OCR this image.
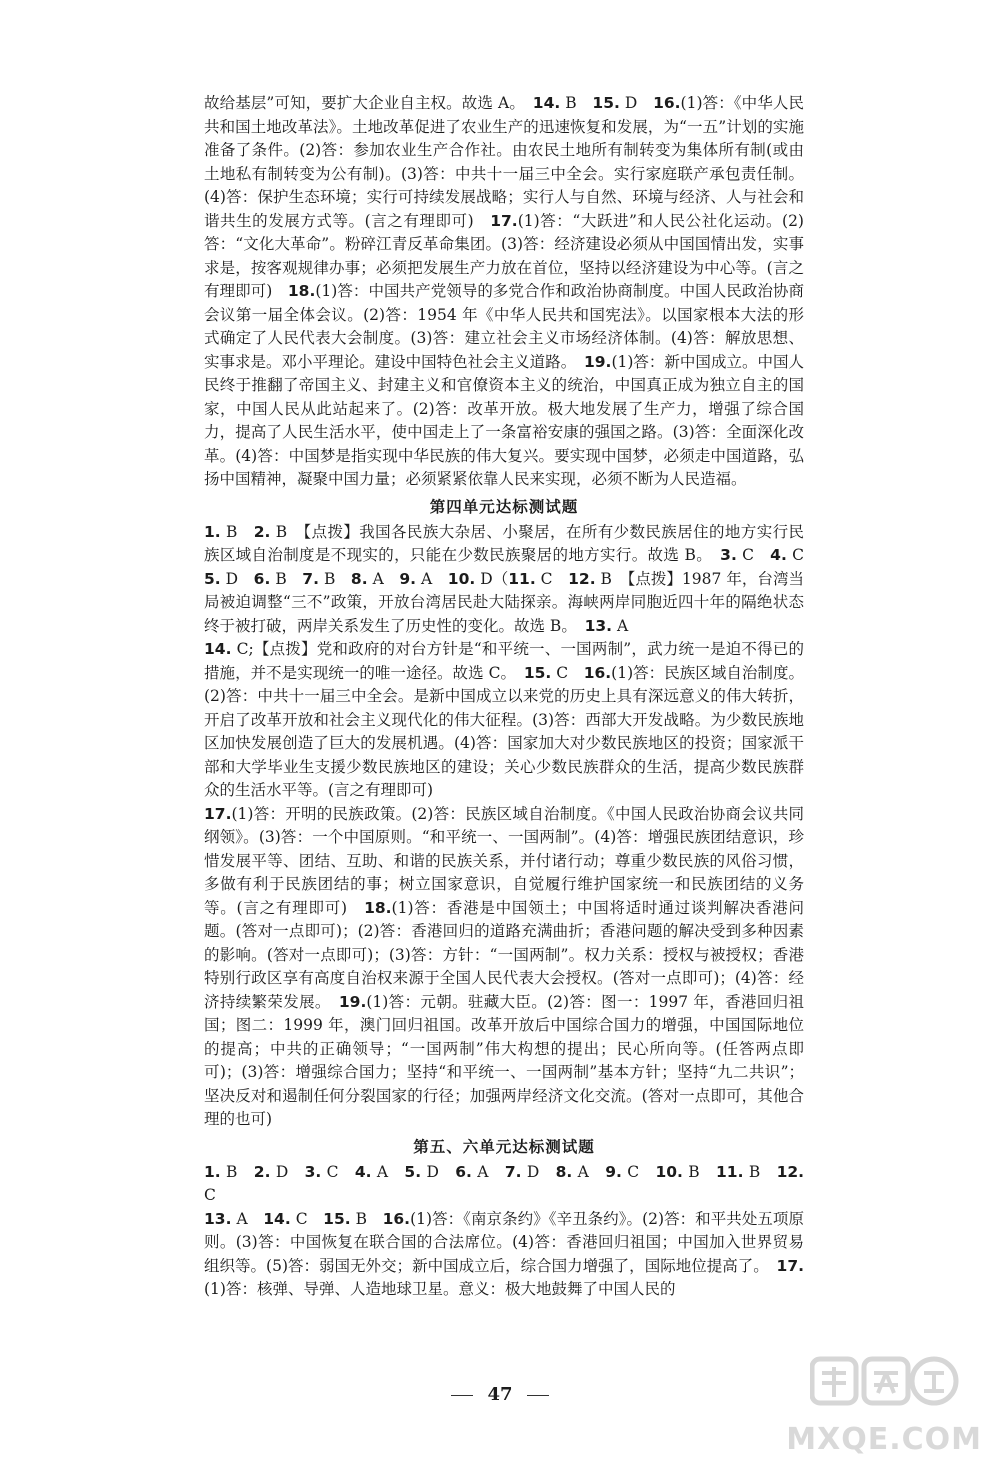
故给基层”可知，要扩大企业自主权。故选 A。　14. B　15. D　16.(1)答：《中华人民共和国土地改革法》。土地改革促进了农业生产的迅速恢复和发展，为“一五”计划的实施准备了条件。(2)答：参加农业生产合作社。由农民土地所有制转变为集体所有制(或由土地私有制转变为公有制)。(3)答：中共十一届三中全会。实行家庭联产承包责任制。(4)答：保护生态环境；实行可持续发展战略；实行人与自然、环境与经济、人与社会和谐共生的发展方式等。(言之有理即可)　17.(1)答：“大跃进”和人民公社化运动。(2)答：“文化大革命”。粉碎江青反革命集团。(3)答：经济建设必须从中国国情出发，实事求是，按客观规律办事；必须把发展生产力放在首位，坚持以经济建设为中心等。(言之有理即可)　18.(1)答：中国共产党领导的多党合作和政治协商制度。中国人民政治协商会议第一届全体会议。(2)答：1954 年《中华人民共和国宪法》。以国家根本大法的形式确定了人民代表大会制度。(3)答：建立社会主义市场经济体制。(4)答：解放思想、实事求是。邓小平理论。建设中国特色社会主义道路。　19.(1)答：新中国成立。中国人民终于推翻了帝国主义、封建主义和官僚资本主义的统治，中国真正成为独立自主的国家，中国人民从此站起来了。(2)答：改革开放。极大地发展了生产力，增强了综合国力，提高了人民生活水平，使中国走上了一条富裕安康的强国之路。(3)答：全面深化改革。(4)答：中国梦是指实现中华民族的伟大复兴。要实现中国梦，必须走中国道路，弘扬中国精神，凝聚中国力量；必须紧紧依靠人民来实现，必须不断为人民造福。

第四单元达标测试题

1. B　2. B　【点拨】我国各民族大杂居、小聚居，在所有少数民族居住的地方实行民族区域自治制度是不现实的，只能在少数民族聚居的地方实行。故选 B。　3. C　4. C　5. D　6. B　7. B　8. A　9. A　10. D（11. C　12. B　【点拨】1987 年，台湾当局被迫调整“三不”政策，开放台湾居民赴大陆探亲。海峡两岸同胞近四十年的隔绝状态终于被打破，两岸关系发生了历史性的变化。故选 B。　13. A

14. C;【点拨】党和政府的对台方针是“和平统一、一国两制”，武力统一是迫不得已的措施，并不是实现统一的唯一途径。故选 C。　15. C　16.(1)答：民族区域自治制度。(2)答：中共十一届三中全会。是新中国成立以来党的历史上具有深远意义的伟大转折，开启了改革开放和社会主义现代化的伟大征程。(3)答：西部大开发战略。为少数民族地区加快发展创造了巨大的发展机遇。(4)答：国家加大对少数民族地区的投资；国家派干部和大学毕业生支援少数民族地区的建设；关心少数民族群众的生活，提高少数民族群众的生活水平等。(言之有理即可)

17.(1)答：开明的民族政策。(2)答：民族区域自治制度。《中国人民政治协商会议共同纲领》。(3)答：一个中国原则。“和平统一、一国两制”。(4)答：增强民族团结意识，珍惜发展平等、团结、互助、和谐的民族关系，并付诸行动；尊重少数民族的风俗习惯，多做有利于民族团结的事；树立国家意识，自觉履行维护国家统一和民族团结的义务等。(言之有理即可)　18.(1)答：香港是中国领土；中国将适时通过谈判解决香港问题。(答对一点即可)；(2)答：香港回归的道路充满曲折；香港问题的解决受到多种因素的影响。(答对一点即可)；(3)答：方针：“一国两制”。权力关系：授权与被授权；香港特别行政区享有高度自治权来源于全国人民代表大会授权。(答对一点即可)；(4)答：经济持续繁荣发展。　19.(1)答：元朝。驻藏大臣。(2)答：图一：1997 年，香港回归祖国；图二：1999 年，澳门回归祖国。改革开放后中国综合国力的增强，中国国际地位的提高；中共的正确领导；“一国两制”伟大构想的提出；民心所向等。(任答两点即可)；(3)答：增强综合国力；坚持“和平统一、一国两制”基本方针；坚持“九二共识”；坚决反对和遏制任何分裂国家的行径；加强两岸经济文化交流。(答对一点即可，其他合理的也可)

第五、六单元达标测试题

1. B　2. D　3. C　4. A　5. D　6. A　7. D　8. A　9. C　10. B　11. B　12. C

13. A　14. C　15. B　16.(1)答：《南京条约》《辛丑条约》。(2)答：和平共处五项原则。(3)答：中国恢复在联合国的合法席位。(4)答：香港回归祖国；中国加入世界贸易组织等。(5)答：弱国无外交；新中国成立后，综合国力增强了，国际地位提高了。　17.(1)答：核弹、导弹、人造地球卫星。意义：极大地鼓舞了中国人民的

47
MXQE.COM
